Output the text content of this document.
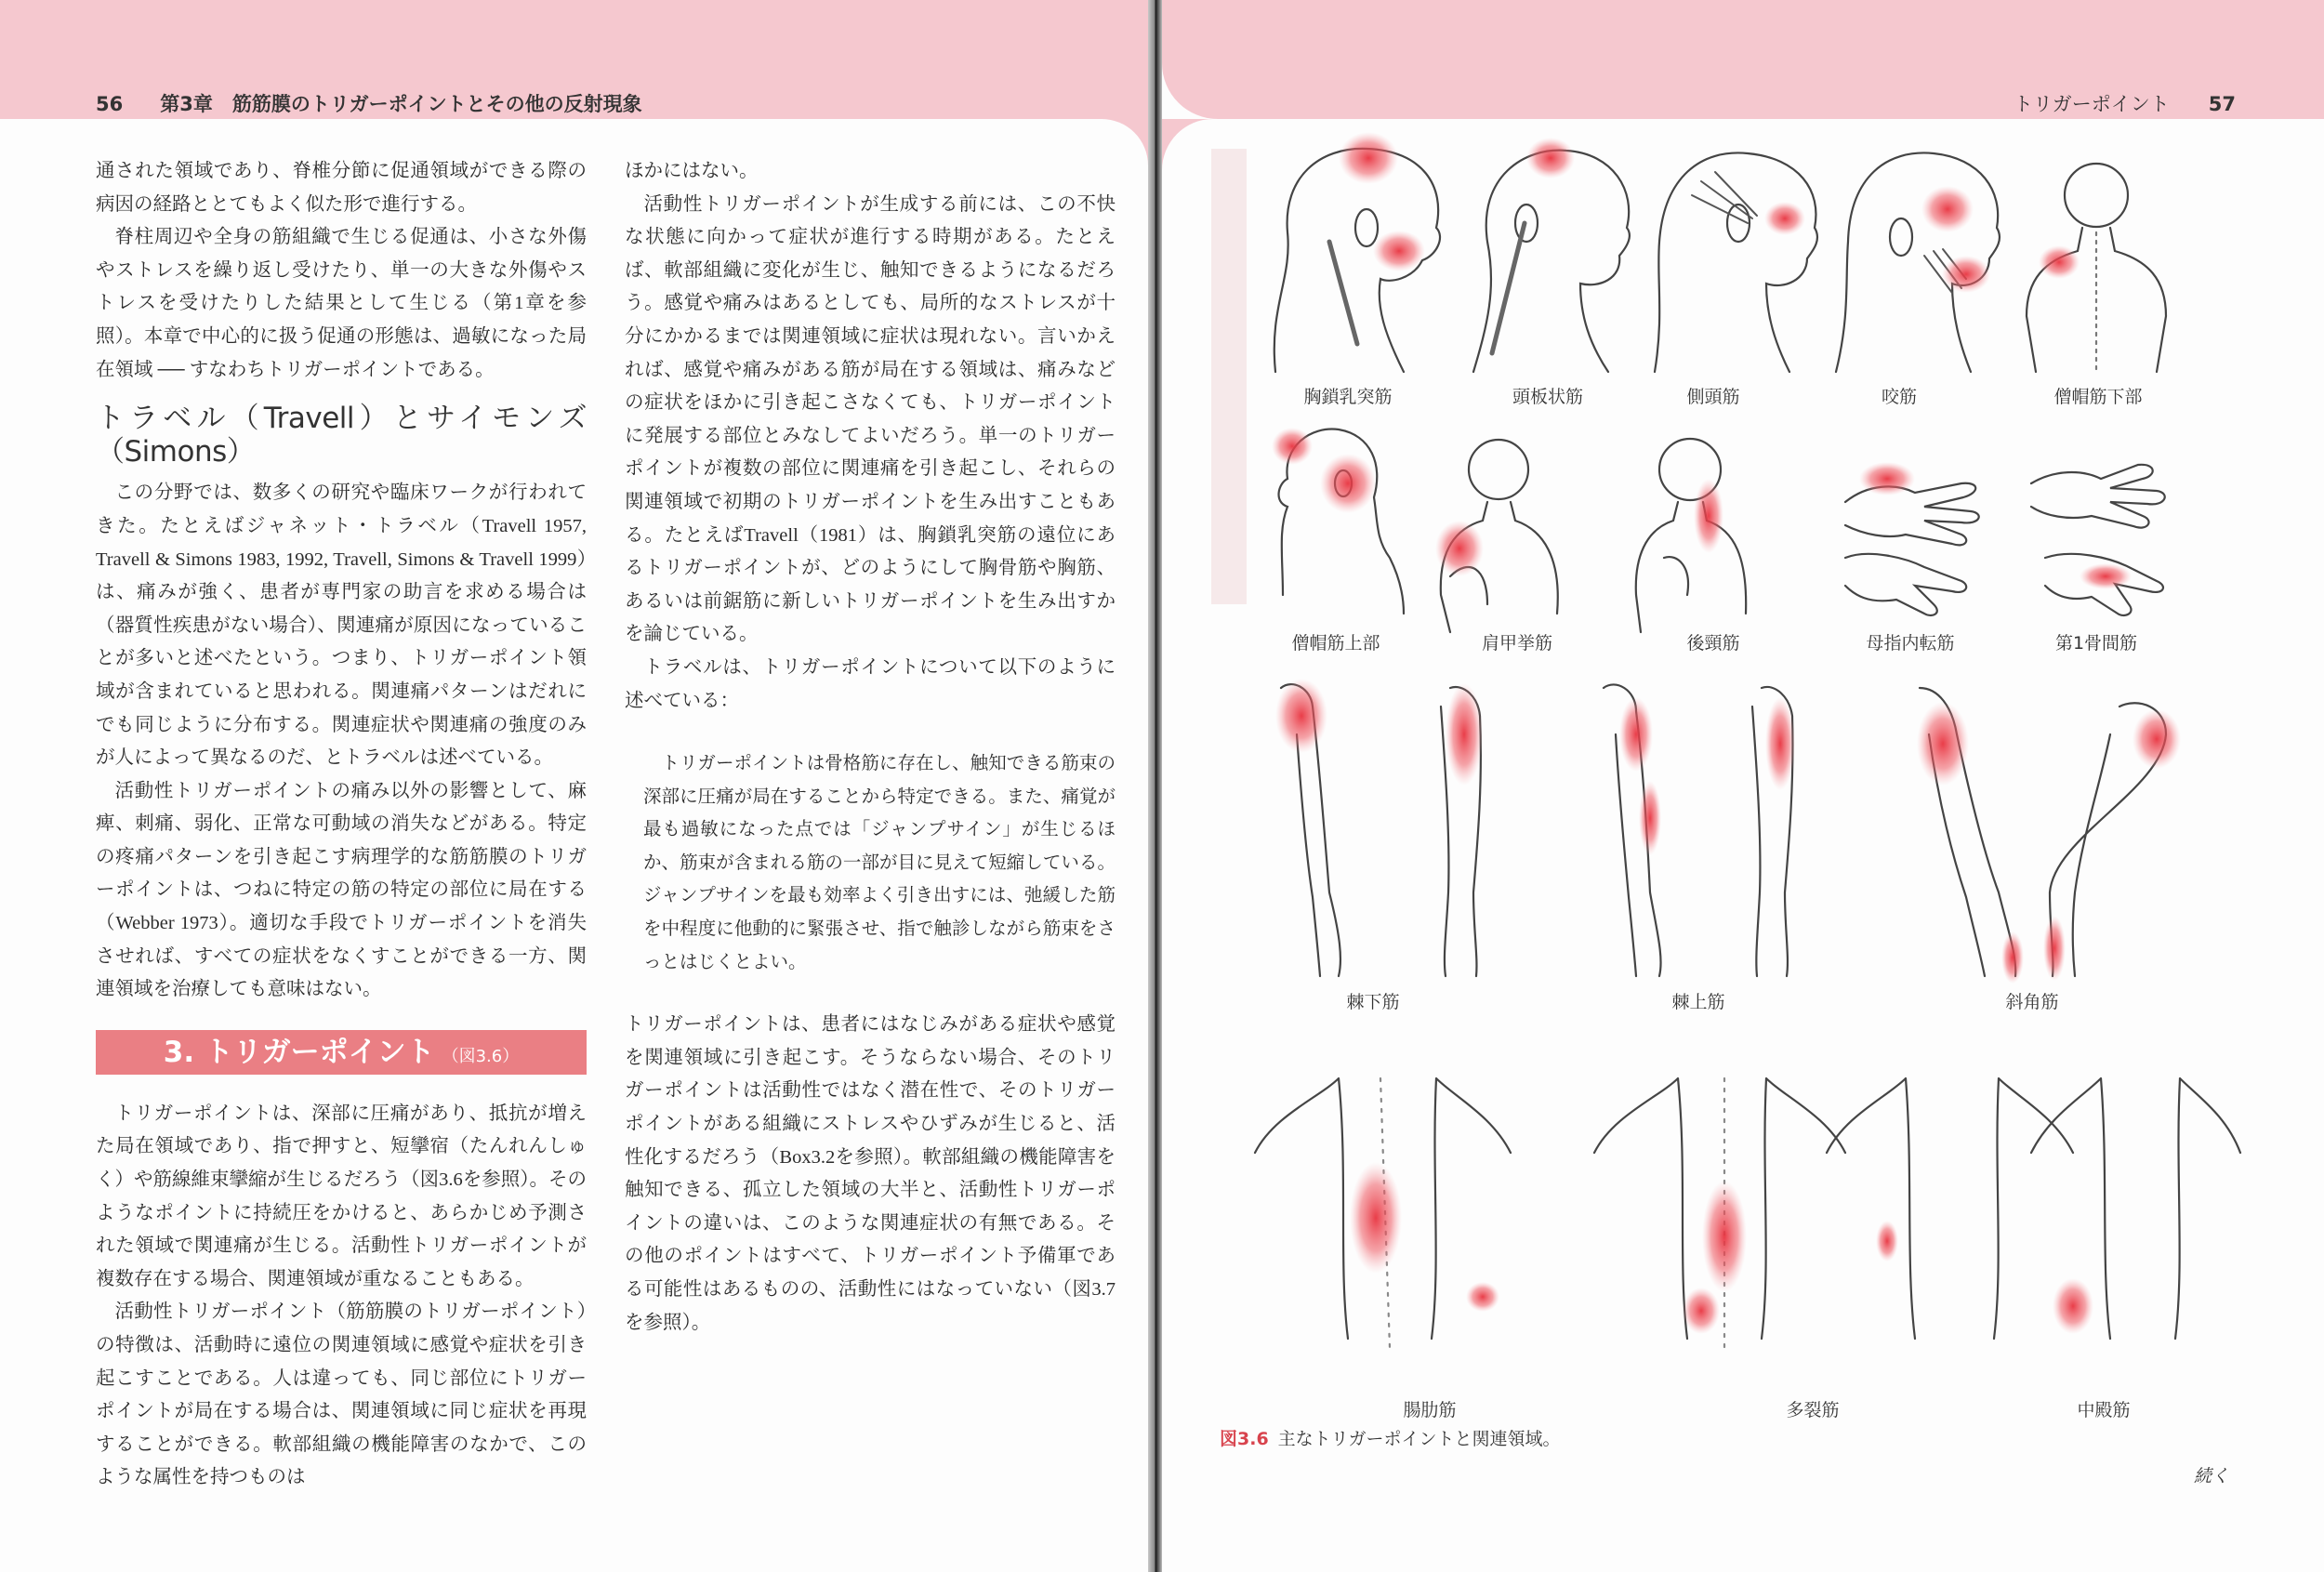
56 第3章　筋筋膜のトリガーポイントとその他の反射現象

通された領域であり、脊椎分節に促通領域ができる際の病因の経路ととてもよく似た形で進行する。

脊柱周辺や全身の筋組織で生じる促通は、小さな外傷やストレスを繰り返し受けたり、単一の大きな外傷やストレスを受けたりした結果として生じる（第1章を参照）。本章で中心的に扱う促通の形態は、過敏になった局在領域 ── すなわちトリガーポイントである。

トラベル（Travell）とサイモンズ（Simons）

この分野では、数多くの研究や臨床ワークが行われてきた。たとえばジャネット・トラベル（Travell 1957, Travell & Simons 1983, 1992, Travell, Simons & Travell 1999）は、痛みが強く、患者が専門家の助言を求める場合は（器質性疾患がない場合）、関連痛が原因になっていることが多いと述べたという。つまり、トリガーポイント領域が含まれていると思われる。関連痛パターンはだれにでも同じように分布する。関連症状や関連痛の強度のみが人によって異なるのだ、とトラベルは述べている。

活動性トリガーポイントの痛み以外の影響として、麻痺、刺痛、弱化、正常な可動域の消失などがある。特定の疼痛パターンを引き起こす病理学的な筋筋膜のトリガーポイントは、つねに特定の筋の特定の部位に局在する（Webber 1973）。適切な手段でトリガーポイントを消失させれば、すべての症状をなくすことができる一方、関連領域を治療しても意味はない。

3. トリガーポイント （図3.6）

トリガーポイントは、深部に圧痛があり、抵抗が増えた局在領域であり、指で押すと、短攣宿（たんれんしゅく）や筋線維束攣縮が生じるだろう（図3.6を参照）。そのようなポイントに持続圧をかけると、あらかじめ予測された領域で関連痛が生じる。活動性トリガーポイントが複数存在する場合、関連領域が重なることもある。

活動性トリガーポイント（筋筋膜のトリガーポイント）の特徴は、活動時に遠位の関連領域に感覚や症状を引き起こすことである。人は違っても、同じ部位にトリガーポイントが局在する場合は、関連領域に同じ症状を再現することができる。軟部組織の機能障害のなかで、このような属性を持つものは

ほかにはない。

活動性トリガーポイントが生成する前には、この不快な状態に向かって症状が進行する時期がある。たとえば、軟部組織に変化が生じ、触知できるようになるだろう。感覚や痛みはあるとしても、局所的なストレスが十分にかかるまでは関連領域に症状は現れない。言いかえれば、感覚や痛みがある筋が局在する領域は、痛みなどの症状をほかに引き起こさなくても、トリガーポイントに発展する部位とみなしてよいだろう。単一のトリガーポイントが複数の部位に関連痛を引き起こし、それらの関連領域で初期のトリガーポイントを生み出すこともある。たとえばTravell（1981）は、胸鎖乳突筋の遠位にあるトリガーポイントが、どのようにして胸骨筋や胸筋、あるいは前鋸筋に新しいトリガーポイントを生み出すかを論じている。

トラベルは、トリガーポイントについて以下のように述べている：

トリガーポイントは骨格筋に存在し、触知できる筋束の深部に圧痛が局在することから特定できる。また、痛覚が最も過敏になった点では「ジャンプサイン」が生じるほか、筋束が含まれる筋の一部が目に見えて短縮している。ジャンプサインを最も効率よく引き出すには、弛緩した筋を中程度に他動的に緊張させ、指で触診しながら筋束をさっとはじくとよい。

トリガーポイントは、患者にはなじみがある症状や感覚を関連領域に引き起こす。そうならない場合、そのトリガーポイントは活動性ではなく潜在性で、そのトリガーポイントがある組織にストレスやひずみが生じると、活性化するだろう（Box3.2を参照）。軟部組織の機能障害を触知できる、孤立した領域の大半と、活動性トリガーポイントの違いは、このような関連症状の有無である。その他のポイントはすべて、トリガーポイント予備軍である可能性はあるものの、活動性にはなっていない（図3.7を参照）。

トリガーポイント 57
胸鎖乳突筋	頭板状筋	側頭筋	咬筋	僧帽筋下部
僧帽筋上部	肩甲挙筋	後頸筋	母指内転筋	第1骨間筋
棘下筋	棘上筋	斜角筋
腸肋筋	多裂筋	中殿筋
図3.6 主なトリガーポイントと関連領域。
続く
